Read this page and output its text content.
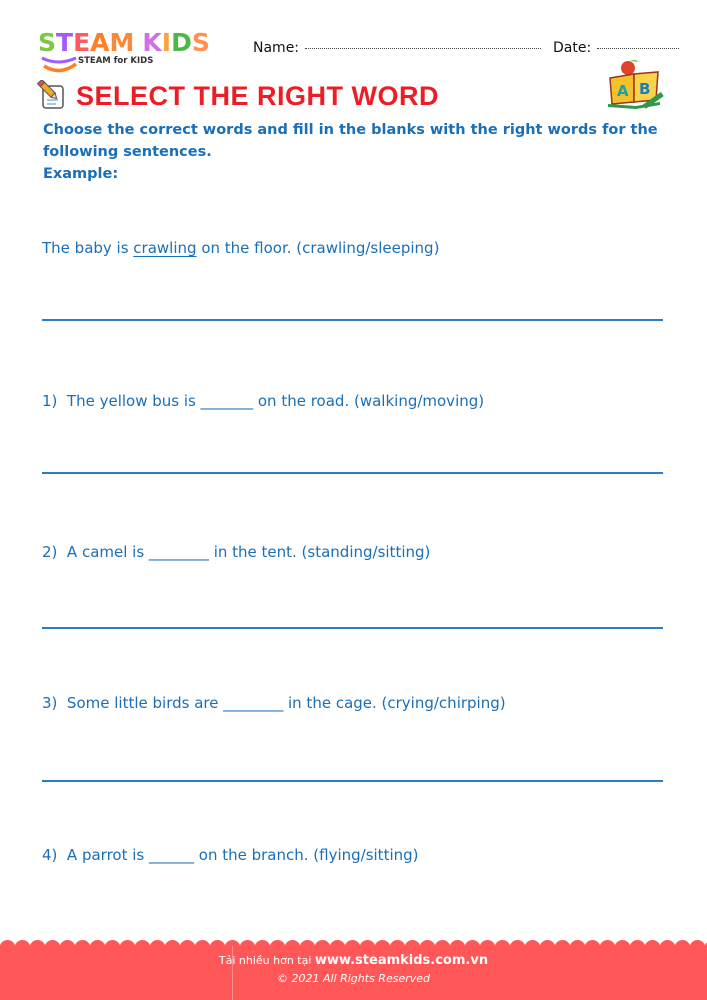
S T E A M K I D S
STEAM for KIDS
Name:	Date:
SELECT THE RIGHT WORD	A B
Choose the correct words and fill in the blanks with the right words for the following sentences.
Example:
The baby is crawling on the floor. (crawling/sleeping)
1)  The yellow bus is _______ on the road. (walking/moving)
2)  A camel is ________ in the tent. (standing/sitting)
3)  Some little birds are ________ in the cage. (crying/chirping)
4)  A parrot is ______ on the branch. (flying/sitting)
Tải nhiều hơn tại www.steamkids.com.vn
© 2021 All Rights Reserved
